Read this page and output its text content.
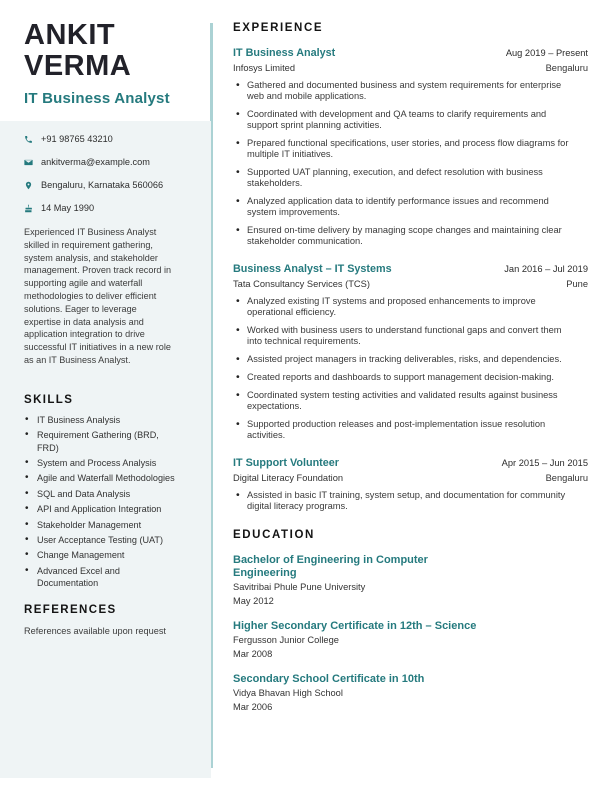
ANKIT
VERMA
IT Business Analyst
+91 98765 43210
ankitverma@example.com
Bengaluru, Karnataka 560066
14 May 1990
Experienced IT Business Analyst skilled in requirement gathering, system analysis, and stakeholder management. Proven track record in supporting agile and waterfall methodologies to deliver efficient solutions. Eager to leverage expertise in data analysis and application integration to drive successful IT initiatives in a new role as an IT Business Analyst.
SKILLS
• IT Business Analysis
• Requirement Gathering (BRD, FRD)
• System and Process Analysis
• Agile and Waterfall Methodologies
• SQL and Data Analysis
• API and Application Integration
• Stakeholder Management
• User Acceptance Testing (UAT)
• Change Management
• Advanced Excel and Documentation
REFERENCES
References available upon request
EXPERIENCE
IT Business Analyst	Aug 2019 – Present
Infosys Limited	Bengaluru
• Gathered and documented business and system requirements for enterprise web and mobile applications.
• Coordinated with development and QA teams to clarify requirements and support sprint planning activities.
• Prepared functional specifications, user stories, and process flow diagrams for multiple IT initiatives.
• Supported UAT planning, execution, and defect resolution with business stakeholders.
• Analyzed application data to identify performance issues and recommend system improvements.
• Ensured on-time delivery by managing scope changes and maintaining clear stakeholder communication.
Business Analyst – IT Systems	Jan 2016 – Jul 2019
Tata Consultancy Services (TCS)	Pune
• Analyzed existing IT systems and proposed enhancements to improve operational efficiency.
• Worked with business users to understand functional gaps and convert them into technical requirements.
• Assisted project managers in tracking deliverables, risks, and dependencies.
• Created reports and dashboards to support management decision-making.
• Coordinated system testing activities and validated results against business expectations.
• Supported production releases and post-implementation issue resolution activities.
IT Support Volunteer	Apr 2015 – Jun 2015
Digital Literacy Foundation	Bengaluru
• Assisted in basic IT training, system setup, and documentation for community digital literacy programs.
EDUCATION
Bachelor of Engineering in Computer Engineering
Savitribai Phule Pune University
May 2012
Higher Secondary Certificate in 12th – Science
Fergusson Junior College
Mar 2008
Secondary School Certificate in 10th
Vidya Bhavan High School
Mar 2006
